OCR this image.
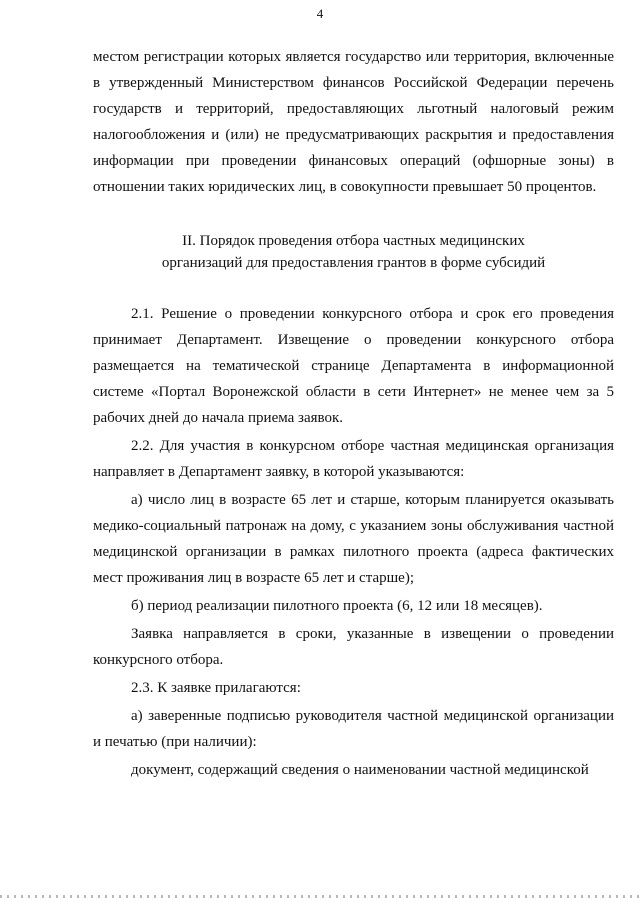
4

местом регистрации которых является государство или территория, включенные в утвержденный Министерством финансов Российской Федерации перечень государств и территорий, предоставляющих льготный налоговый режим налогообложения и (или) не предусматривающих раскрытия и предоставления информации при проведении финансовых операций (офшорные зоны) в отношении таких юридических лиц, в совокупности превышает 50 процентов.

II. Порядок проведения отбора частных медицинских
организаций для предоставления грантов в форме субсидий

2.1. Решение о проведении конкурсного отбора и срок его проведения принимает Департамент. Извещение о проведении конкурсного отбора размещается на тематической странице Департамента в информационной системе «Портал Воронежской области в сети Интернет» не менее чем за 5 рабочих дней до начала приема заявок.

2.2. Для участия в конкурсном отборе частная медицинская организация направляет в Департамент заявку, в которой указываются:

а) число лиц в возрасте 65 лет и старше, которым планируется оказывать медико-социальный патронаж на дому, с указанием зоны обслуживания частной медицинской организации в рамках пилотного проекта (адреса фактических мест проживания лиц в возрасте 65 лет и старше);

б) период реализации пилотного проекта (6, 12 или 18 месяцев).

Заявка направляется в сроки, указанные в извещении о проведении конкурсного отбора.

2.3. К заявке прилагаются:

а) заверенные подписью руководителя частной медицинской организации и печатью (при наличии):

документ, содержащий сведения о наименовании частной медицинской
